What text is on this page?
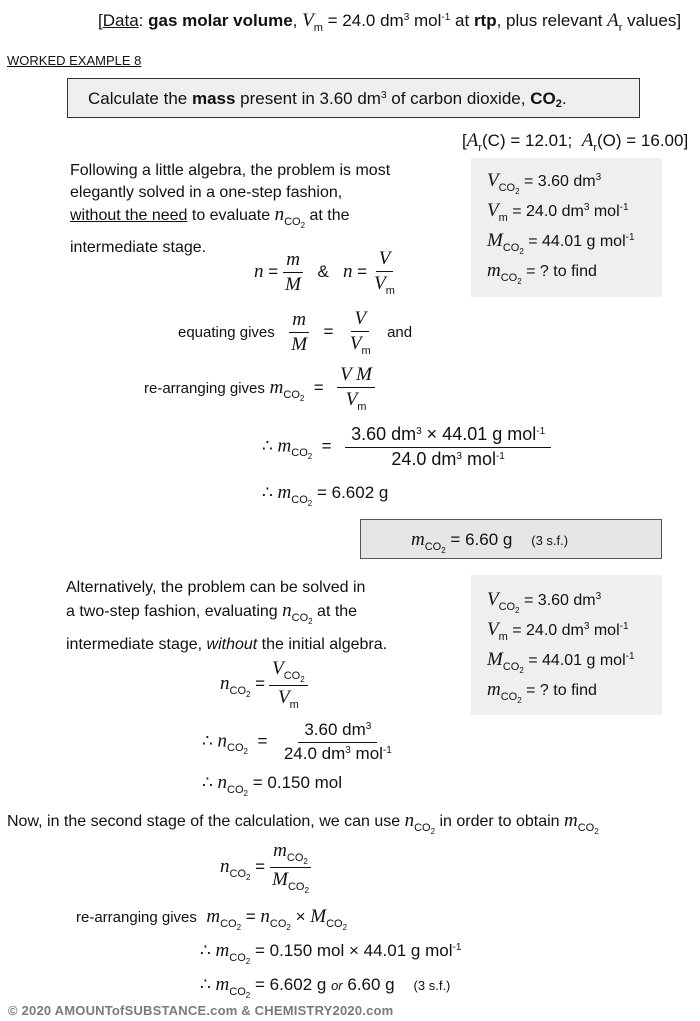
[Data: gas molar volume, $V_m = 24.0$ $dm^3$ mol$^{-1}$ at rtp, plus relevant $A_r$ values]
WORKED EXAMPLE 8
Calculate the mass present in 3.60 $dm^3$ of carbon dioxide, CO2.
[$A_r(C) = 12.01$; $A_r(O) = 16.00$]
$V_{CO_2} = 3.60$ $dm^3$
$V_m = 24.0$ $dm^3$ mol$^{-1}$
$M_{CO_2} = 44.01$ g mol$^{-1}$
$m_{CO_2}$ = ? to find
Following a little algebra, the problem is most
elegantly solved in a one-step fashion,
without the need to evaluate $n_{CO_2}$ at the
intermediate stage.
$n = \frac{m}{M}$ & $n = \frac{V}{V_m}$
equating gives $\frac{m}{M} = \frac{V}{V_m}$ and
re-arranging gives $m_{CO_2} = \frac{\text{V M}}{V_m}$
∴ $m_{CO_2} = \frac{3.60 dm^3 \times 44.01 g mol^{-1}}{24.0 dm^3 mol^{-1}}$
∴ $m_{CO_2} = 6.602$ g
$m_{CO_2} = 6.60$ g (3 s.f.)
Alternatively, the problem can be solved in
a two-step fashion, evaluating $n_{CO_2}$ at the
intermediate stage, without the initial algebra.
$V_{CO_2} = 3.60$ $dm^3$
$V_m = 24.0$ $dm^3$ mol$^{-1}$
$M_{CO_2} = 44.01$ g mol$^{-1}$
$m_{CO_2}$ = ? to find
$n_{CO_2} = \frac{V_{CO_2}}{V_m}$
∴ $n_{CO_2} = \frac{3.60 dm^3}{24.0 dm^3 mol^{-1}}$
∴ $n_{CO_2} = 0.150$ mol
Now, in the second stage of the calculation, we can use $n_{CO_2}$ in order to obtain $m_{CO_2}$
$n_{CO_2} = \frac{m_{CO_2}}{M_{CO_2}}$
re-arranging gives $m_{CO_2} = n_{CO_2} \times M_{CO_2}$
∴ $m_{CO_2} = 0.150$ mol × 44.01 g mol$^{-1}$
∴ $m_{CO_2} = 6.602$ g or 6.60 g (3 s.f.)
© 2020 AMOUNTofSUBSTANCE.com & CHEMISTRY2020.com
